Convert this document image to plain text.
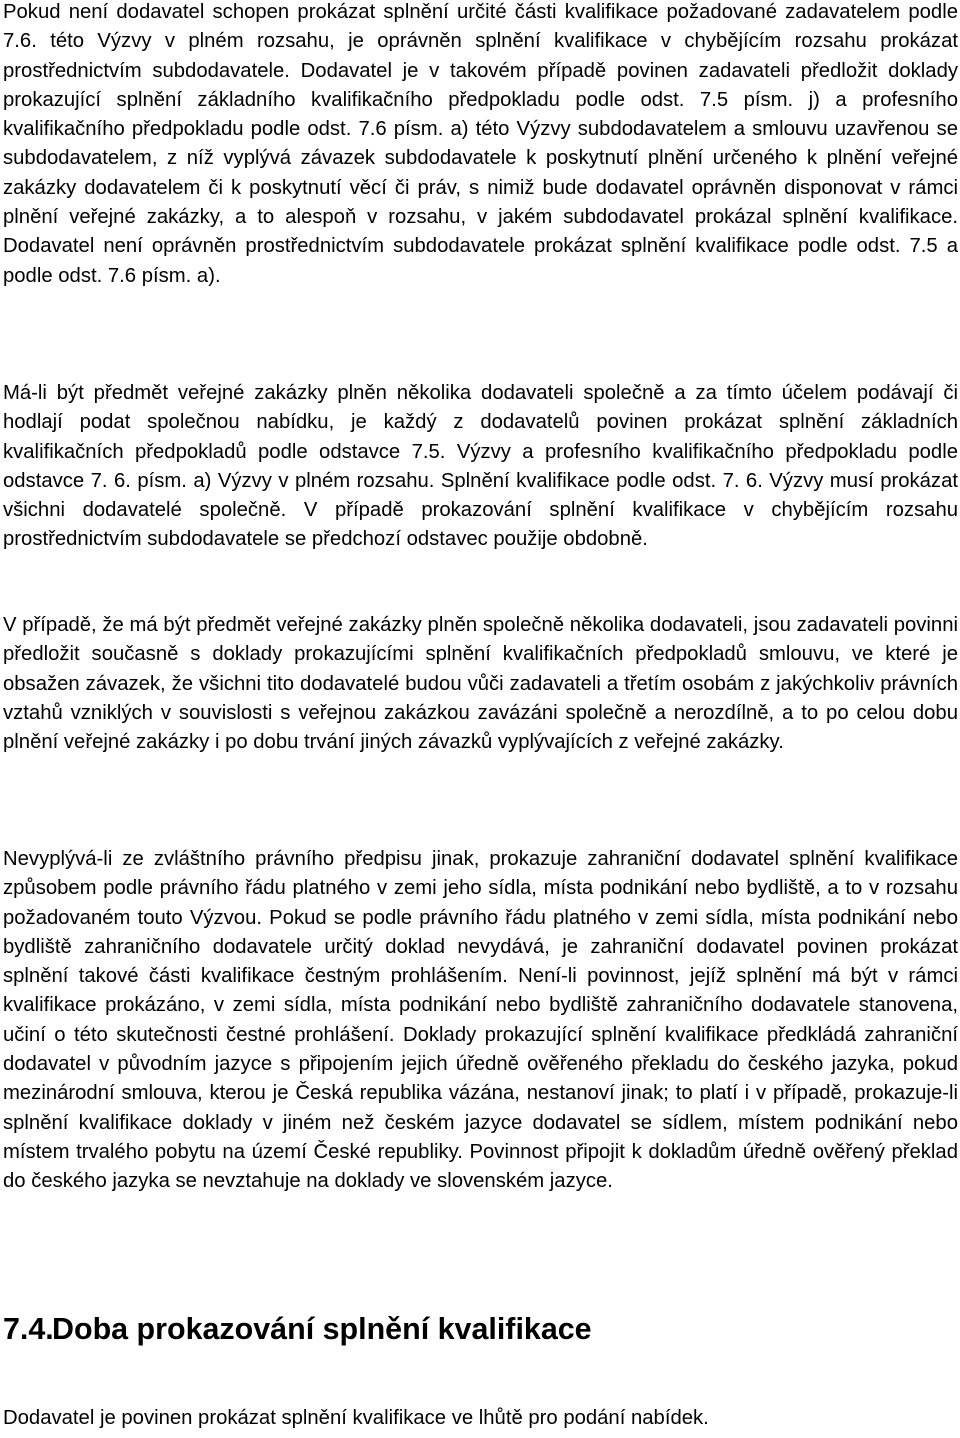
Pokud není dodavatel schopen prokázat splnění určité části kvalifikace požadované zadavatelem podle 7.6. této Výzvy v plném rozsahu, je oprávněn splnění kvalifikace v chybějícím rozsahu prokázat prostřednictvím subdodavatele. Dodavatel je v takovém případě povinen zadavateli předložit doklady prokazující splnění základního kvalifikačního předpokladu podle odst. 7.5 písm. j) a profesního kvalifikačního předpokladu podle odst. 7.6 písm. a) této Výzvy subdodavatelem a smlouvu uzavřenou se subdodavatelem, z níž vyplývá závazek subdodavatele k poskytnutí plnění určeného k plnění veřejné zakázky dodavatelem či k poskytnutí věcí či práv, s nimiž bude dodavatel oprávněn disponovat v rámci plnění veřejné zakázky, a to alespoň v rozsahu, v jakém subdodavatel prokázal splnění kvalifikace. Dodavatel není oprávněn prostřednictvím subdodavatele prokázat splnění kvalifikace podle odst. 7.5 a podle odst. 7.6 písm. a).

Má-li být předmět veřejné zakázky plněn několika dodavateli společně a za tímto účelem podávají či hodlají podat společnou nabídku, je každý z dodavatelů povinen prokázat splnění základních kvalifikačních předpokladů podle odstavce 7.5. Výzvy a profesního kvalifikačního předpokladu podle odstavce 7. 6. písm. a) Výzvy v plném rozsahu. Splnění kvalifikace podle odst. 7. 6. Výzvy musí prokázat všichni dodavatelé společně. V případě prokazování splnění kvalifikace v chybějícím rozsahu prostřednictvím subdodavatele se předchozí odstavec použije obdobně.

V případě, že má být předmět veřejné zakázky plněn společně několika dodavateli, jsou zadavateli povinni předložit současně s doklady prokazujícími splnění kvalifikačních předpokladů smlouvu, ve které je obsažen závazek, že všichni tito dodavatelé budou vůči zadavateli a třetím osobám z jakýchkoliv právních vztahů vzniklých v souvislosti s veřejnou zakázkou zavázáni společně a nerozdílně, a to po celou dobu plnění veřejné zakázky i po dobu trvání jiných závazků vyplývajících z veřejné zakázky.

Nevyplývá-li ze zvláštního právního předpisu jinak, prokazuje zahraniční dodavatel splnění kvalifikace způsobem podle právního řádu platného v zemi jeho sídla, místa podnikání nebo bydliště, a to v rozsahu požadovaném touto Výzvou. Pokud se podle právního řádu platného v zemi sídla, místa podnikání nebo bydliště zahraničního dodavatele určitý doklad nevydává, je zahraniční dodavatel povinen prokázat splnění takové části kvalifikace čestným prohlášením. Není-li povinnost, jejíž splnění má být v rámci kvalifikace prokázáno, v zemi sídla, místa podnikání nebo bydliště zahraničního dodavatele stanovena, učiní o této skutečnosti čestné prohlášení. Doklady prokazující splnění kvalifikace předkládá zahraniční dodavatel v původním jazyce s připojením jejich úředně ověřeného překladu do českého jazyka, pokud mezinárodní smlouva, kterou je Česká republika vázána, nestanoví jinak; to platí i v případě, prokazuje-li splnění kvalifikace doklady v jiném než českém jazyce dodavatel se sídlem, místem podnikání nebo místem trvalého pobytu na území České republiky. Povinnost připojit k dokladům úředně ověřený překlad do českého jazyka se nevztahuje na doklady ve slovenském jazyce.

7.4.Doba prokazování splnění kvalifikace

Dodavatel je povinen prokázat splnění kvalifikace ve lhůtě pro podání nabídek.
